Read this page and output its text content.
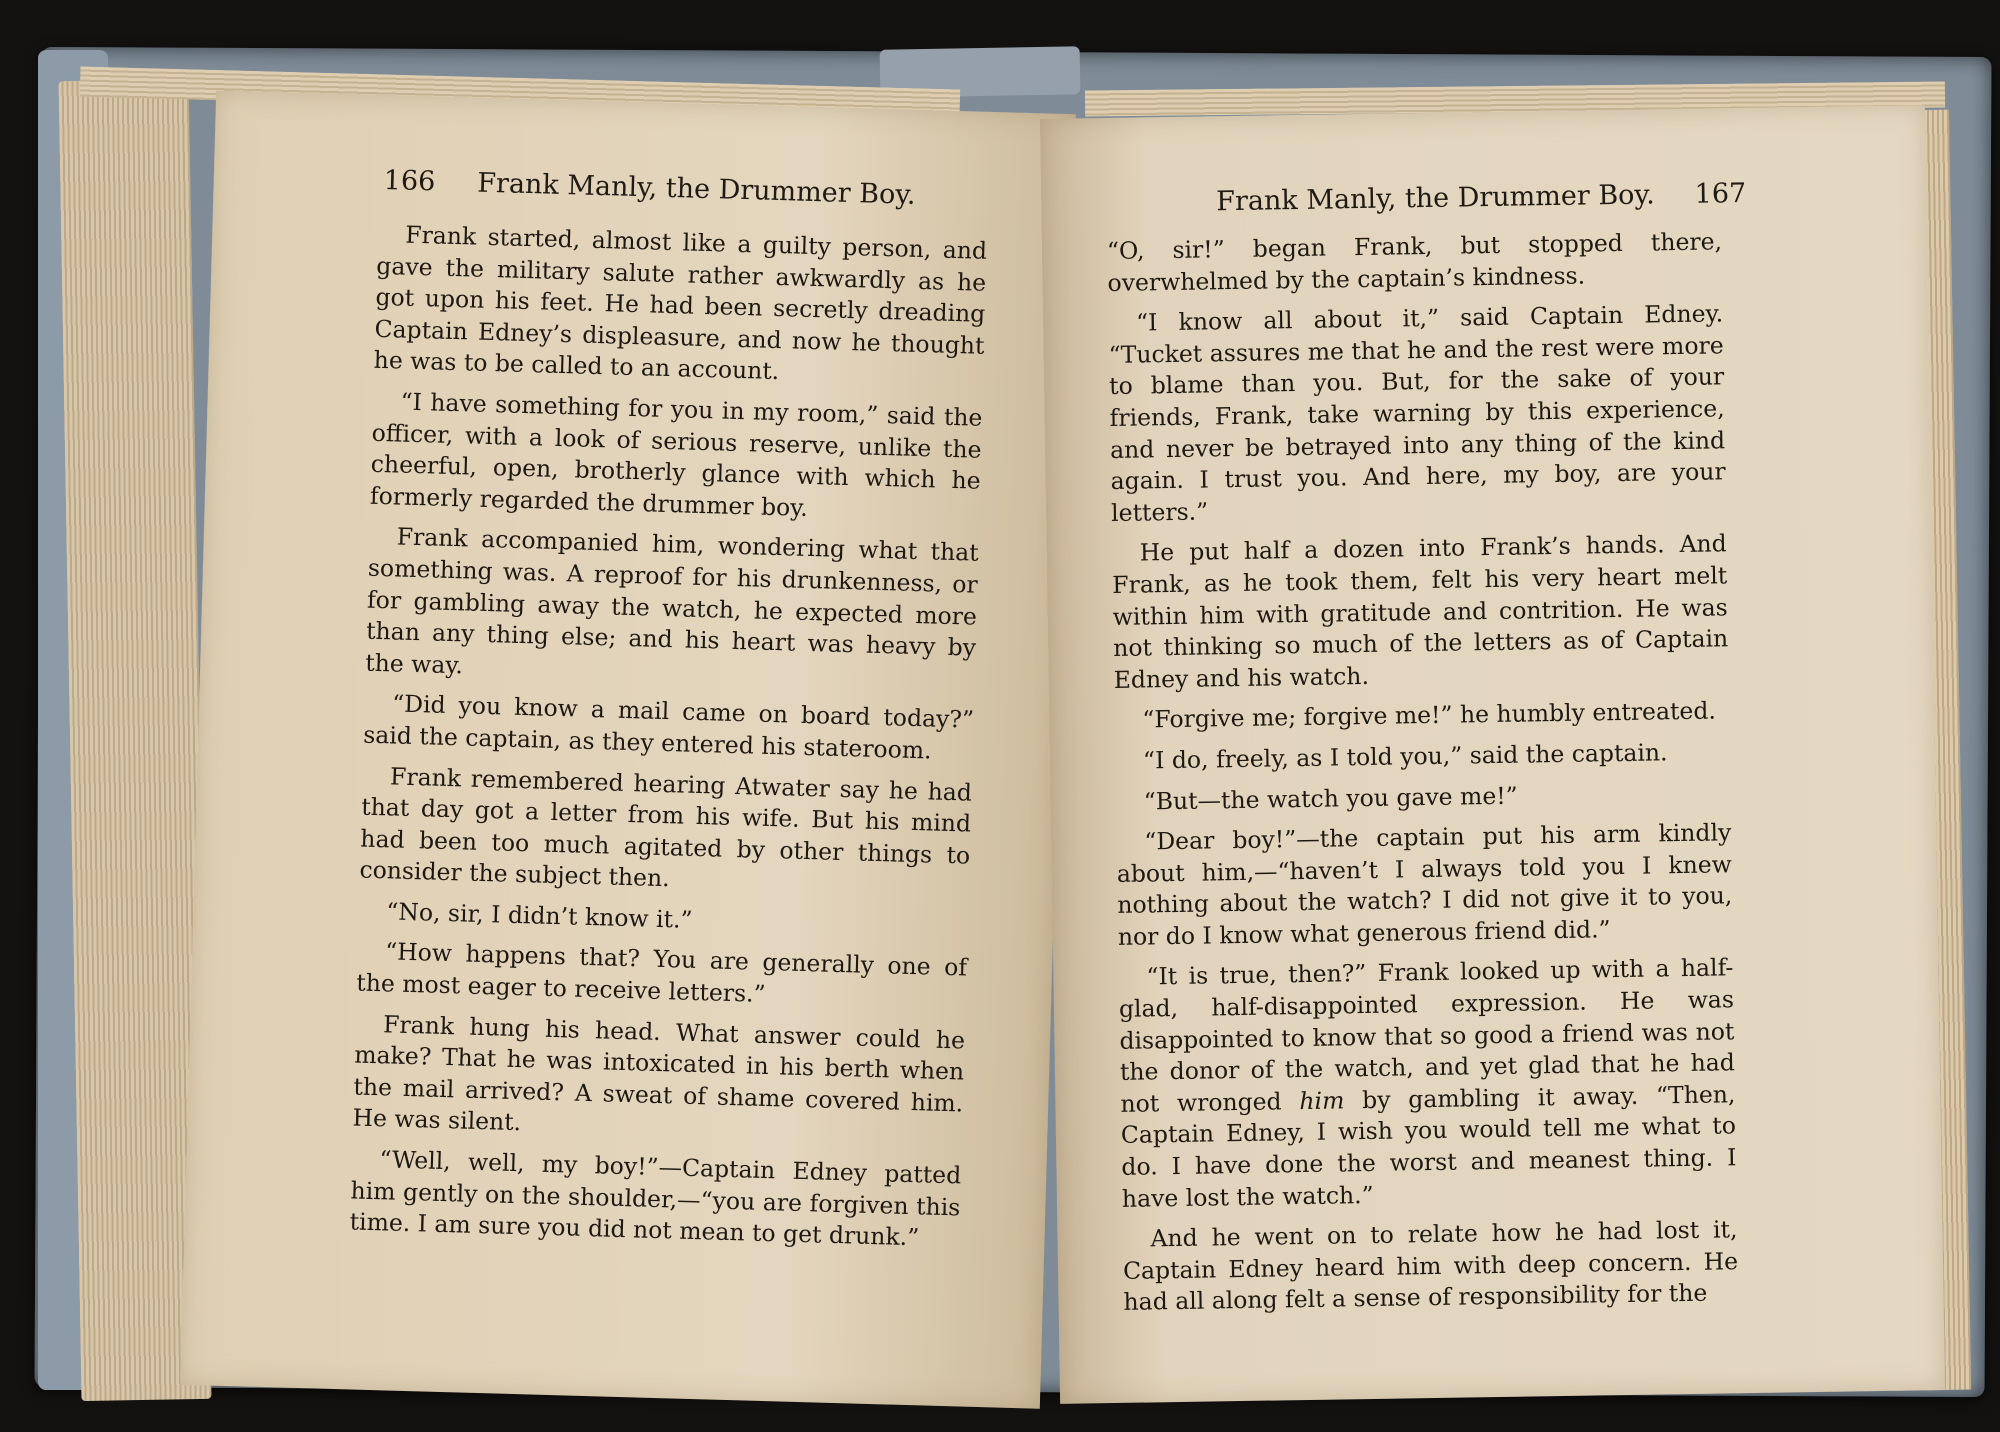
166 Frank Manly, the Drummer Boy.

Frank started, almost like a guilty person, and gave the military salute rather awkwardly as he got upon his feet. He had been secretly dreading Captain Edney’s displeasure, and now he thought he was to be called to an account.

“I have something for you in my room,” said the officer, with a look of serious reserve, unlike the cheerful, open, brotherly glance with which he formerly regarded the drummer boy.

Frank accompanied him, wondering what that something was. A reproof for his drunkenness, or for gambling away the watch, he expected more than any thing else; and his heart was heavy by the way.

“Did you know a mail came on board today?” said the captain, as they entered his stateroom.

Frank remembered hearing Atwater say he had that day got a letter from his wife. But his mind had been too much agitated by other things to consider the subject then.

“No, sir, I didn’t know it.”

“How happens that? You are generally one of the most eager to receive letters.”

Frank hung his head. What answer could he make? That he was intoxicated in his berth when the mail arrived? A sweat of shame covered him. He was silent.

“Well, well, my boy!”—Captain Edney patted him gently on the shoulder,—“you are forgiven this time. I am sure you did not mean to get drunk.”

Frank Manly, the Drummer Boy. 167

“O, sir!” began Frank, but stopped there, overwhelmed by the captain’s kindness.

“I know all about it,” said Captain Edney. “Tucket assures me that he and the rest were more to blame than you. But, for the sake of your friends, Frank, take warning by this experience, and never be betrayed into any thing of the kind again. I trust you. And here, my boy, are your letters.”

He put half a dozen into Frank’s hands. And Frank, as he took them, felt his very heart melt within him with gratitude and contrition. He was not thinking so much of the letters as of Captain Edney and his watch.

“Forgive me; forgive me!” he humbly entreated.

“I do, freely, as I told you,” said the captain.

“But—the watch you gave me!”

“Dear boy!”—the captain put his arm kindly about him,—“haven’t I always told you I knew nothing about the watch? I did not give it to you, nor do I know what generous friend did.”

“It is true, then?” Frank looked up with a half-glad, half-disappointed expression. He was disappointed to know that so good a friend was not the donor of the watch, and yet glad that he had not wronged him by gambling it away. “Then, Captain Edney, I wish you would tell me what to do. I have done the worst and meanest thing. I have lost the watch.”

And he went on to relate how he had lost it, Captain Edney heard him with deep concern. He had all along felt a sense of responsibility for the
